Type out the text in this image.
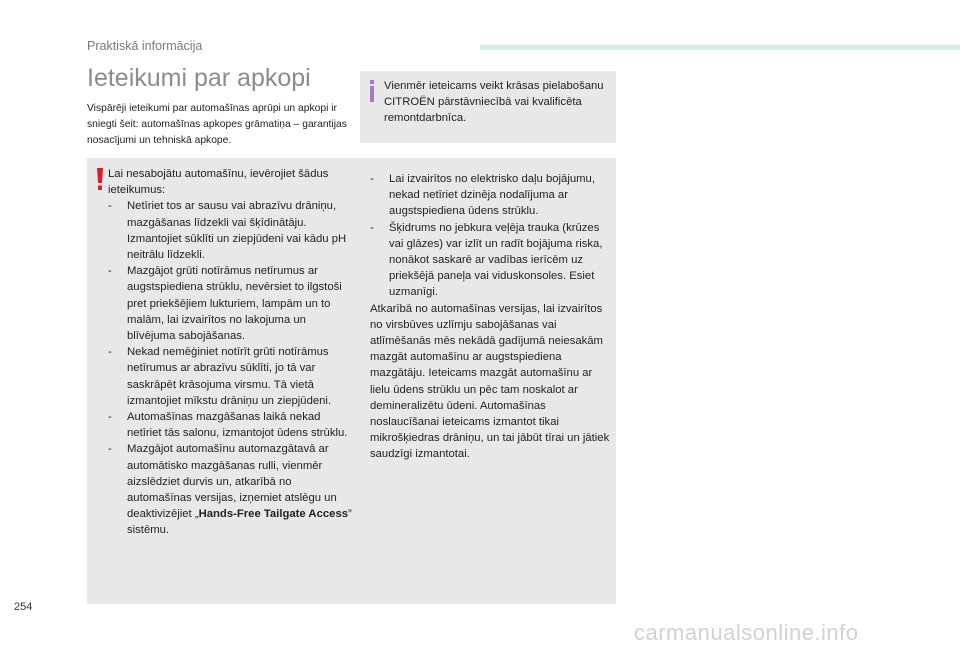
Praktiskā informācija
Ieteikumi par apkopi
Vispārēji ieteikumi par automašīnas aprūpi un apkopi ir sniegti šeit: automašīnas apkopes grāmatiņa – garantijas nosacījumi un tehniskā apkope.
Vienmēr ieteicams veikt krāsas pielabošanu CITROËN pārstāvniecībā vai kvalificēta remontdarbnīca.

Lai nesabojātu automašīnu, ievērojiet šādus ieteikumus:

- Netīriet tos ar sausu vai abrazīvu drāniņu, mazgāšanas līdzekli vai šķīdinātāju. Izmantojiet sūklīti un ziepjūdeni vai kādu pH neitrālu līdzekli.
- Mazgājot grūti notīrāmus netīrumus ar augstspiediena strūklu, nevērsiet to ilgstoši pret priekšējiem lukturiem, lampām un to malām, lai izvairītos no lakojuma un blīvējuma sabojāšanas.
- Nekad nemēģiniet notīrīt grūti notīrāmus netīrumus ar abrazīvu sūklīti, jo tā var saskrāpēt krāsojuma virsmu. Tā vietā izmantojiet mīkstu drāniņu un ziepjūdeni.
- Automašīnas mazgāšanas laikā nekad netīriet tās salonu, izmantojot ūdens strūklu.
- Mazgājot automašīnu automazgātavā ar automātisko mazgāšanas rulli, vienmēr aizslēdziet durvis un, atkarībā no automašīnas versijas, izņemiet atslēgu un deaktivizējiet „Hands-Free Tailgate Access” sistēmu.
- Lai izvairītos no elektrisko daļu bojājumu, nekad netīriet dzinēja nodalījuma ar augstspiediena ūdens strūklu.
- Šķidrums no jebkura veļēja trauka (krūzes vai glāzes) var izlīt un radīt bojājuma riska, nonākot saskarē ar vadības ierīcēm uz priekšējā paneļa vai viduskonsoles. Esiet uzmanīgi.

Atkarībā no automašīnas versijas, lai izvairītos no virsbūves uzlīmju sabojāšanas vai atlīmēšanās mēs nekādā gadījumā neiesakām mazgāt automašīnu ar augstspiediena mazgātāju. Ieteicams mazgāt automašīnu ar lielu ūdens strūklu un pēc tam noskalot ar demineralizētu ūdeni. Automašīnas noslaucīšanai ieteicams izmantot tikai mikrošķiedras drāniņu, un tai jābūt tīrai un jātiek saudzīgi izmantotai.

254
carmanualsonline.info
